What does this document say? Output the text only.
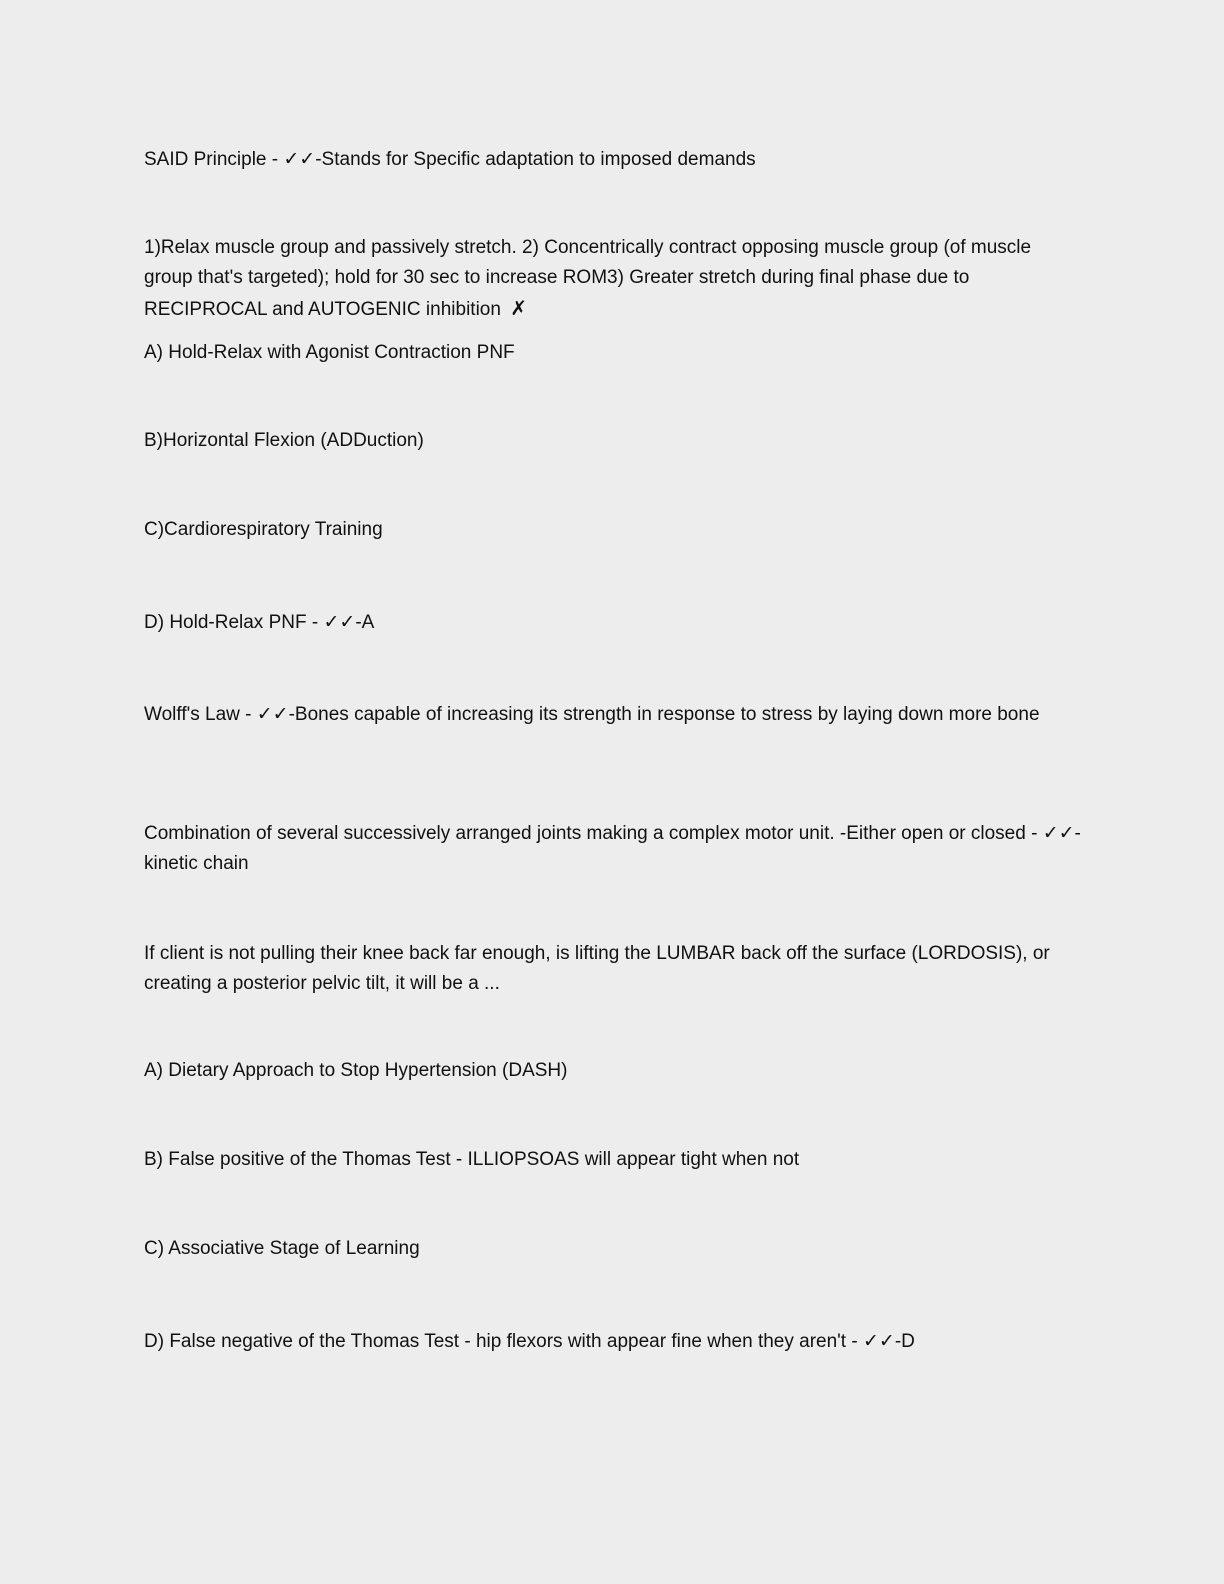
SAID Principle - ✓✓-Stands for Specific adaptation to imposed demands

1)Relax muscle group and passively stretch. 2) Concentrically contract opposing muscle group (of muscle group that's targeted); hold for 30 sec to increase ROM3) Greater stretch during final phase due to RECIPROCAL and AUTOGENIC inhibition ✗

A) Hold-Relax with Agonist Contraction PNF

B)Horizontal Flexion (ADDuction)

C)Cardiorespiratory Training

D) Hold-Relax PNF - ✓✓-A

Wolff's Law - ✓✓-Bones capable of increasing its strength in response to stress by laying down more bone

Combination of several successively arranged joints making a complex motor unit. -Either open or closed - ✓✓-kinetic chain

If client is not pulling their knee back far enough, is lifting the LUMBAR back off the surface (LORDOSIS), or creating a posterior pelvic tilt, it will be a ...

A) Dietary Approach to Stop Hypertension (DASH)

B) False positive of the Thomas Test - ILLIOPSOAS will appear tight when not

C) Associative Stage of Learning

D) False negative of the Thomas Test - hip flexors with appear fine when they aren't - ✓✓-D
